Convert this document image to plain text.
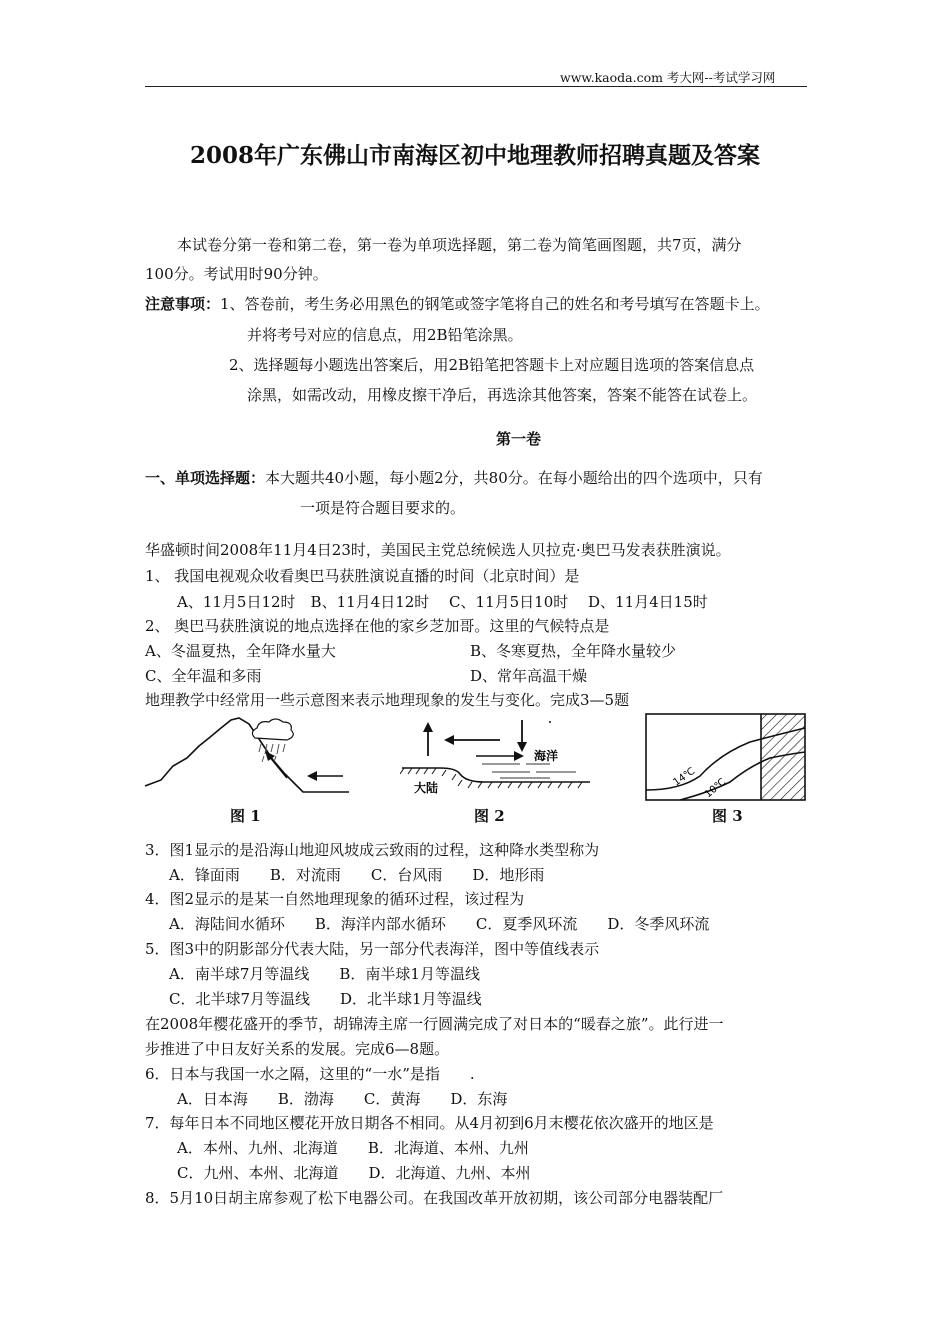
www.kaoda.com 考大网--考试学习网
2008年广东佛山市南海区初中地理教师招聘真题及答案
本试卷分第一卷和第二卷，第一卷为单项选择题，第二卷为简笔画图题，共7页，满分
100分。考试用时90分钟。
注意事项：1、答卷前，考生务必用黑色的钢笔或签字笔将自己的姓名和考号填写在答题卡上。
并将考号对应的信息点，用2B铅笔涂黑。
2、选择题每小题选出答案后，用2B铅笔把答题卡上对应题目选项的答案信息点
涂黑，如需改动，用橡皮擦干净后，再选涂其他答案，答案不能答在试卷上。
第一卷
一、单项选择题：本大题共40小题，每小题2分，共80分。在每小题给出的四个选项中，只有
一项是符合题目要求的。
华盛顿时间2008年11月4日23时，美国民主党总统候选人贝拉克·奥巴马发表获胜演说。
1、 我国电视观众收看奥巴马获胜演说直播的时间（北京时间）是
A、11月5日12时　B、11月4日12时　 C、11月5日10时　 D、11月4日15时
2、 奥巴马获胜演说的地点选择在他的家乡芝加哥。这里的气候特点是
A、冬温夏热，全年降水量大	B、冬寒夏热，全年降水量较少
C、全年温和多雨	D、常年高温干燥
地理教学中经常用一些示意图来表示地理现象的发生与变化。完成3—5题
海洋
大陆	14℃ 10℃
图 1	图 2	图 3
3．图1显示的是沿海山地迎风坡成云致雨的过程，这种降水类型称为
A．锋面雨　　B．对流雨　　C．台风雨　　D．地形雨
4．图2显示的是某一自然地理现象的循环过程，该过程为
A．海陆间水循环　　B．海洋内部水循环　　C．夏季风环流　　D．冬季风环流
5．图3中的阴影部分代表大陆，另一部分代表海洋，图中等值线表示
A．南半球7月等温线　　B．南半球1月等温线
C．北半球7月等温线　　D．北半球1月等温线
在2008年樱花盛开的季节，胡锦涛主席一行圆满完成了对日本的“暖春之旅”。此行进一
步推进了中日友好关系的发展。完成6—8题。
6．日本与我国一水之隔，这里的“一水”是指　　.
A．日本海　　B．渤海　　C．黄海　　D．东海
7．每年日本不同地区樱花开放日期各不相同。从4月初到6月末樱花依次盛开的地区是
A．本州、九州、北海道　　B．北海道、本州、九州
C．九州、本州、北海道　　D．北海道、九州、本州
8．5月10日胡主席参观了松下电器公司。在我国改革开放初期，该公司部分电器装配厂
